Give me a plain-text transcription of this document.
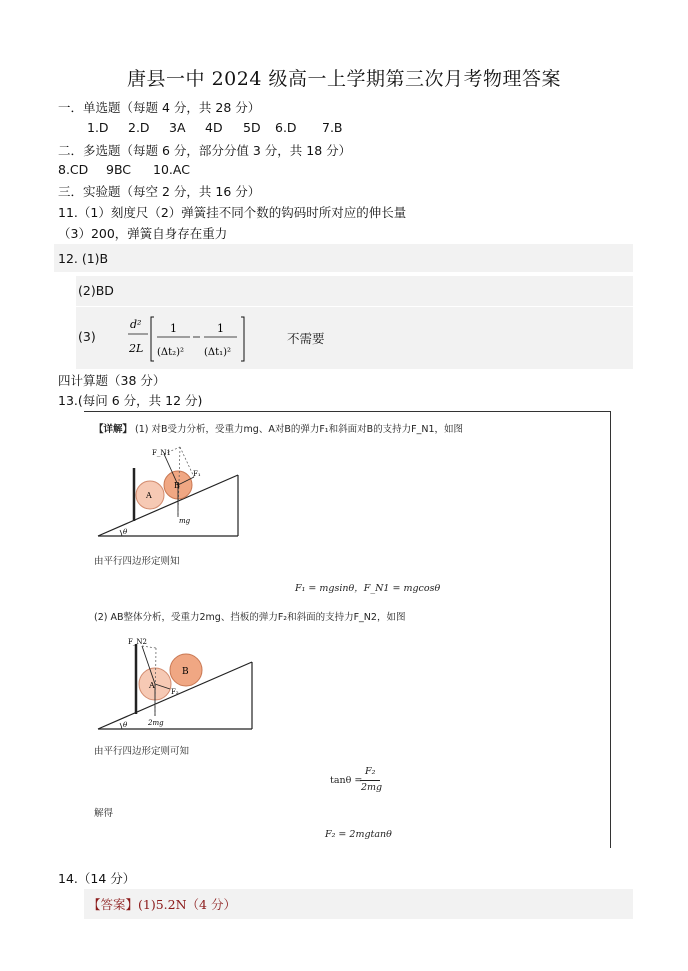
唐县一中 2024 级高一上学期第三次月考物理答案
一．单选题（每题 4 分，共 28 分）
1.D 2.D 3A 4D 5D 6.D 7.B
二．多选题（每题 6 分，部分分值 3 分，共 18 分）
8.CD 9BC 10.AC
三．实验题（每空 2 分，共 16 分）
11.（1）刻度尺（2）弹簧挂不同个数的钩码时所对应的伸长量
（3）200，弹簧自身存在重力
12. (1)B
(2)BD
(3)
d²
2L
1
(Δt₂)²
1
(Δt₁)²
不需要
四计算题（38 分）
13.(每问 6 分，共 12 分)
【详解】 (1) 对B受力分析，受重力mg、A对B的弹力F₁和斜面对B的支持力F_N1，如图
F_N1
F₁
A
B
mg
θ
由平行四边形定则知
F₁ = mgsinθ，F_N1 = mgcosθ
(2) AB整体分析，受重力2mg、挡板的弹力F₂和斜面的支持力F_N2，如图
F_N2
F₂
A
B
2mg
θ
由平行四边形定则可知
tanθ =
F₂
2mg
解得
F₂ = 2mgtanθ
14.（14 分）
【答案】(1)5.2N（4 分）
